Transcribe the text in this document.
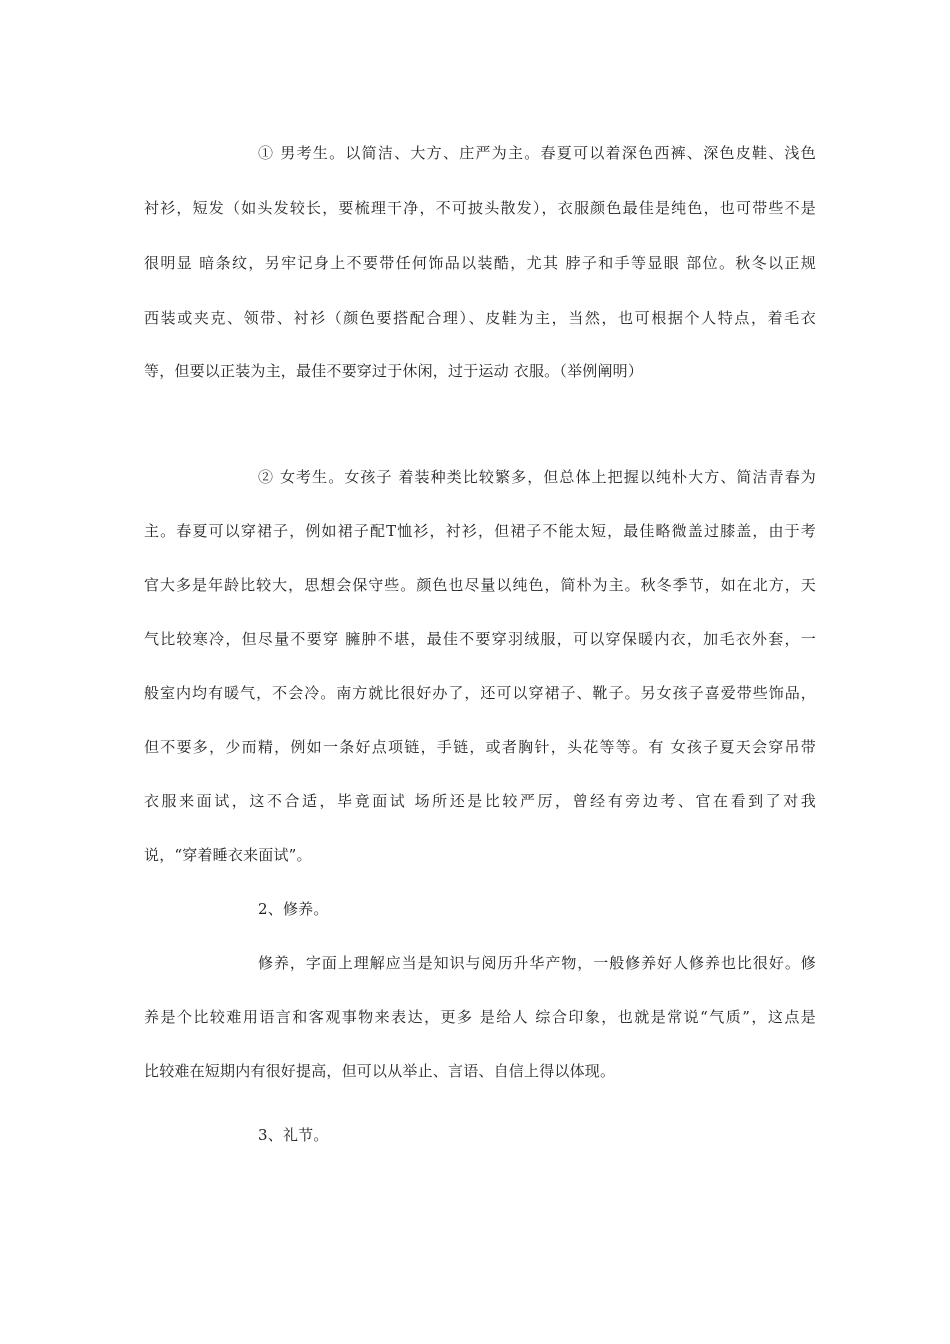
① 男考生。以简洁、大方、庄严为主。春夏可以着深色西裤、深色皮鞋、浅色
衬衫，短发（如头发较长，要梳理干净，不可披头散发），衣服颜色最佳是纯色，也可带些不是
很明显 暗条纹，另牢记身上不要带任何饰品以装酷，尤其 脖子和手等显眼 部位。秋冬以正规
西装或夹克、领带、衬衫（颜色要搭配合理）、皮鞋为主，当然，也可根据个人特点，着毛衣
等，但要以正装为主，最佳不要穿过于休闲，过于运动 衣服。（举例阐明）
② 女考生。女孩子 着装种类比较繁多，但总体上把握以纯朴大方、简洁青春为
主。春夏可以穿裙子，例如裙子配T恤衫，衬衫，但裙子不能太短，最佳略微盖过膝盖，由于考
官大多是年龄比较大，思想会保守些。颜色也尽量以纯色，简朴为主。秋冬季节，如在北方，天
气比较寒冷，但尽量不要穿 臃肿不堪，最佳不要穿羽绒服，可以穿保暖内衣，加毛衣外套，一
般室内均有暖气，不会冷。南方就比很好办了，还可以穿裙子、靴子。另女孩子喜爱带些饰品，
但不要多，少而精，例如一条好点项链，手链，或者胸针，头花等等。有 女孩子夏天会穿吊带
衣服来面试，这不合适，毕竟面试 场所还是比较严厉，曾经有旁边考、官在看到了对我
说，“穿着睡衣来面试”。
2、修养。
修养，字面上理解应当是知识与阅历升华产物，一般修养好人修养也比很好。修
养是个比较难用语言和客观事物来表达，更多 是给人 综合印象，也就是常说“气质”，这点是
比较难在短期内有很好提高，但可以从举止、言语、自信上得以体现。
3、礼节。
